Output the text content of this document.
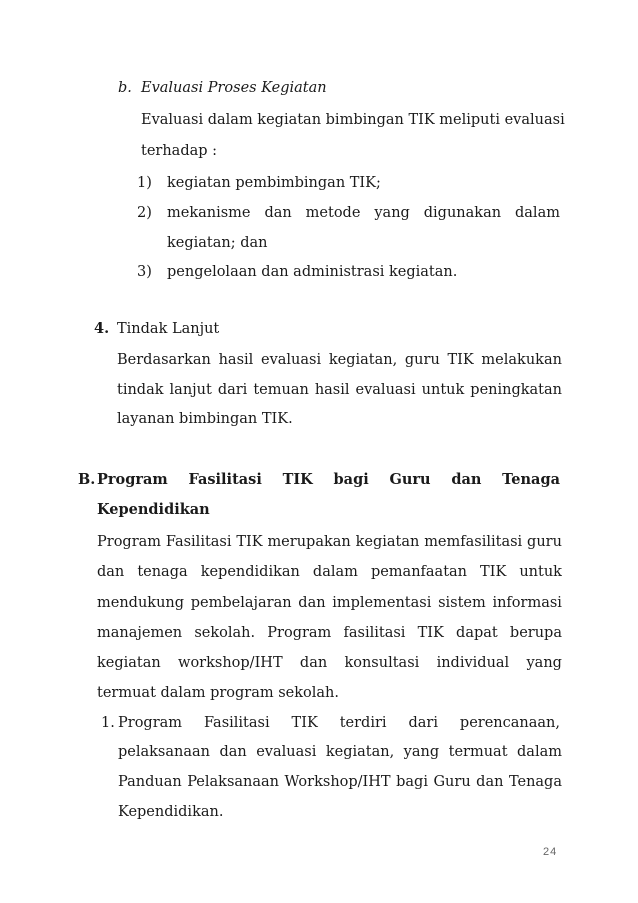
b. Evaluasi Proses Kegiatan
Evaluasi dalam kegiatan bimbingan TIK meliputi evaluasi
terhadap :
1) kegiatan pembimbingan TIK;
2) mekanisme dan metode yang digunakan dalam
kegiatan; dan
3) pengelolaan dan administrasi kegiatan.
4. Tindak Lanjut
Berdasarkan hasil evaluasi kegiatan, guru TIK melakukan
tindak lanjut dari temuan hasil evaluasi untuk peningkatan
layanan bimbingan TIK.
B. Program Fasilitasi TIK bagi Guru dan Tenaga
Kependidikan
Program Fasilitasi TIK merupakan kegiatan memfasilitasi guru
dan tenaga kependidikan dalam pemanfaatan TIK untuk
mendukung pembelajaran dan implementasi sistem informasi
manajemen sekolah. Program fasilitasi TIK dapat berupa
kegiatan workshop/IHT dan konsultasi individual yang
termuat dalam program sekolah.
1. Program Fasilitasi TIK terdiri dari perencanaan,
pelaksanaan dan evaluasi kegiatan, yang termuat dalam
Panduan Pelaksanaan Workshop/IHT bagi Guru dan Tenaga
Kependidikan.
24
